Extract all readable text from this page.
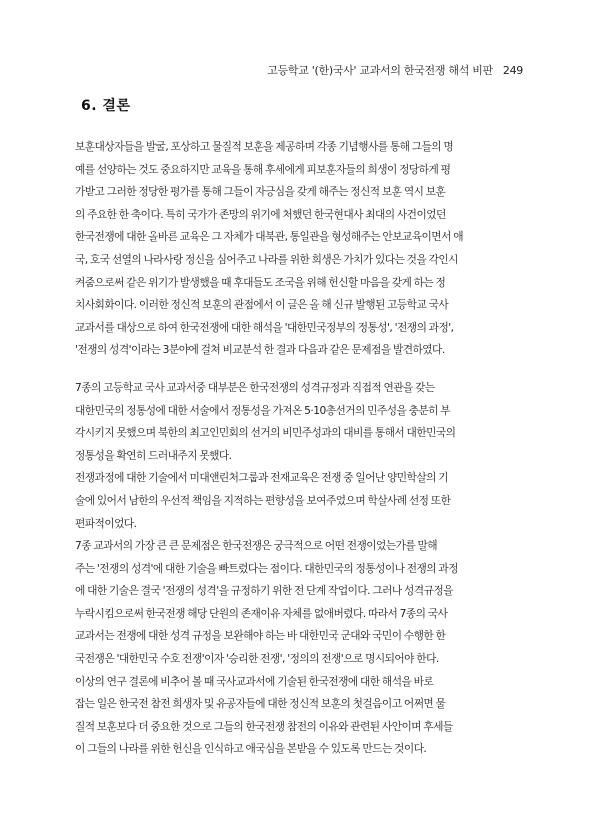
고등학교 '(한)국사' 교과서의 한국전쟁 해석 비판 249
6. 결론
보훈대상자들을 발굴, 포상하고 물질적 보훈을 제공하며 각종 기념행사를 통해 그들의 명
예를 선양하는 것도 중요하지만 교육을 통해 후세에게 피보훈자들의 희생이 정당하게 평
가받고 그러한 정당한 평가를 통해 그들이 자긍심을 갖게 해주는 정신적 보훈 역시 보훈
의 주요한 한 축이다. 특히 국가가 존망의 위기에 처했던 한국현대사 최대의 사건이었던
한국전쟁에 대한 올바른 교육은 그 자체가 대북관, 통일관을 형성해주는 안보교육이면서 애
국, 호국 선열의 나라사랑 정신을 심어주고 나라를 위한 희생은 가치가 있다는 것을 각인시
켜줌으로써 같은 위기가 발생했을 때 후대들도 조국을 위해 헌신할 마음을 갖게 하는 정
치사회화이다. 이러한 정신적 보훈의 관점에서 이 글은 올 해 신규 발행된 고등학교 국사
교과서를 대상으로 하여 한국전쟁에 대한 해석을 '대한민국정부의 정통성', '전쟁의 과정',
'전쟁의 성격'이라는 3분야에 걸쳐 비교분석 한 결과 다음과 같은 문제점을 발견하였다.
7종의 고등학교 국사 교과서중 대부분은 한국전쟁의 성격규정과 직접적 연관을 갖는
대한민국의 정통성에 대한 서술에서 정통성을 가져온 5·10총선거의 민주성을 충분히 부
각시키지 못했으며 북한의 최고인민회의 선거의 비민주성과의 대비를 통해서 대한민국의
정통성을 확연히 드러내주지 못했다.
전쟁과정에 대한 기술에서 미대앤린처그룹과 전재교육은 전쟁 중 일어난 양민학살의 기
술에 있어서 남한의 우선적 책임을 지적하는 편향성을 보여주었으며 학살사례 선정 또한
편파적이었다.
7종 교과서의 가장 큰 큰 문제점은 한국전쟁은 궁극적으로 어떤 전쟁이었는가를 말해
주는 '전쟁의 성격'에 대한 기술을 빠트렸다는 점이다. 대한민국의 정통성이나 전쟁의 과정
에 대한 기술은 결국 '전쟁의 성격'을 규정하기 위한 전 단계 작업이다. 그러나 성격규정을
누락시킴으로써 한국전쟁 해당 단원의 존재이유 자체를 없애버렸다. 따라서 7종의 국사
교과서는 전쟁에 대한 성격 규정을 보완해야 하는 바 대한민국 군대와 국민이 수행한 한
국전쟁은 '대한민국 수호 전쟁'이자 '승리한 전쟁', '정의의 전쟁'으로 명시되어야 한다.
이상의 연구 결론에 비추어 볼 때 국사교과서에 기술된 한국전쟁에 대한 해석을 바로
잡는 일은 한국전 참전 희생자 및 유공자들에 대한 정신적 보훈의 첫걸음이고 어쩌면 물
질적 보훈보다 더 중요한 것으로 그들의 한국전쟁 참전의 이유와 관련된 사안이며 후세들
이 그들의 나라를 위한 헌신을 인식하고 애국심을 본받을 수 있도록 만드는 것이다.
